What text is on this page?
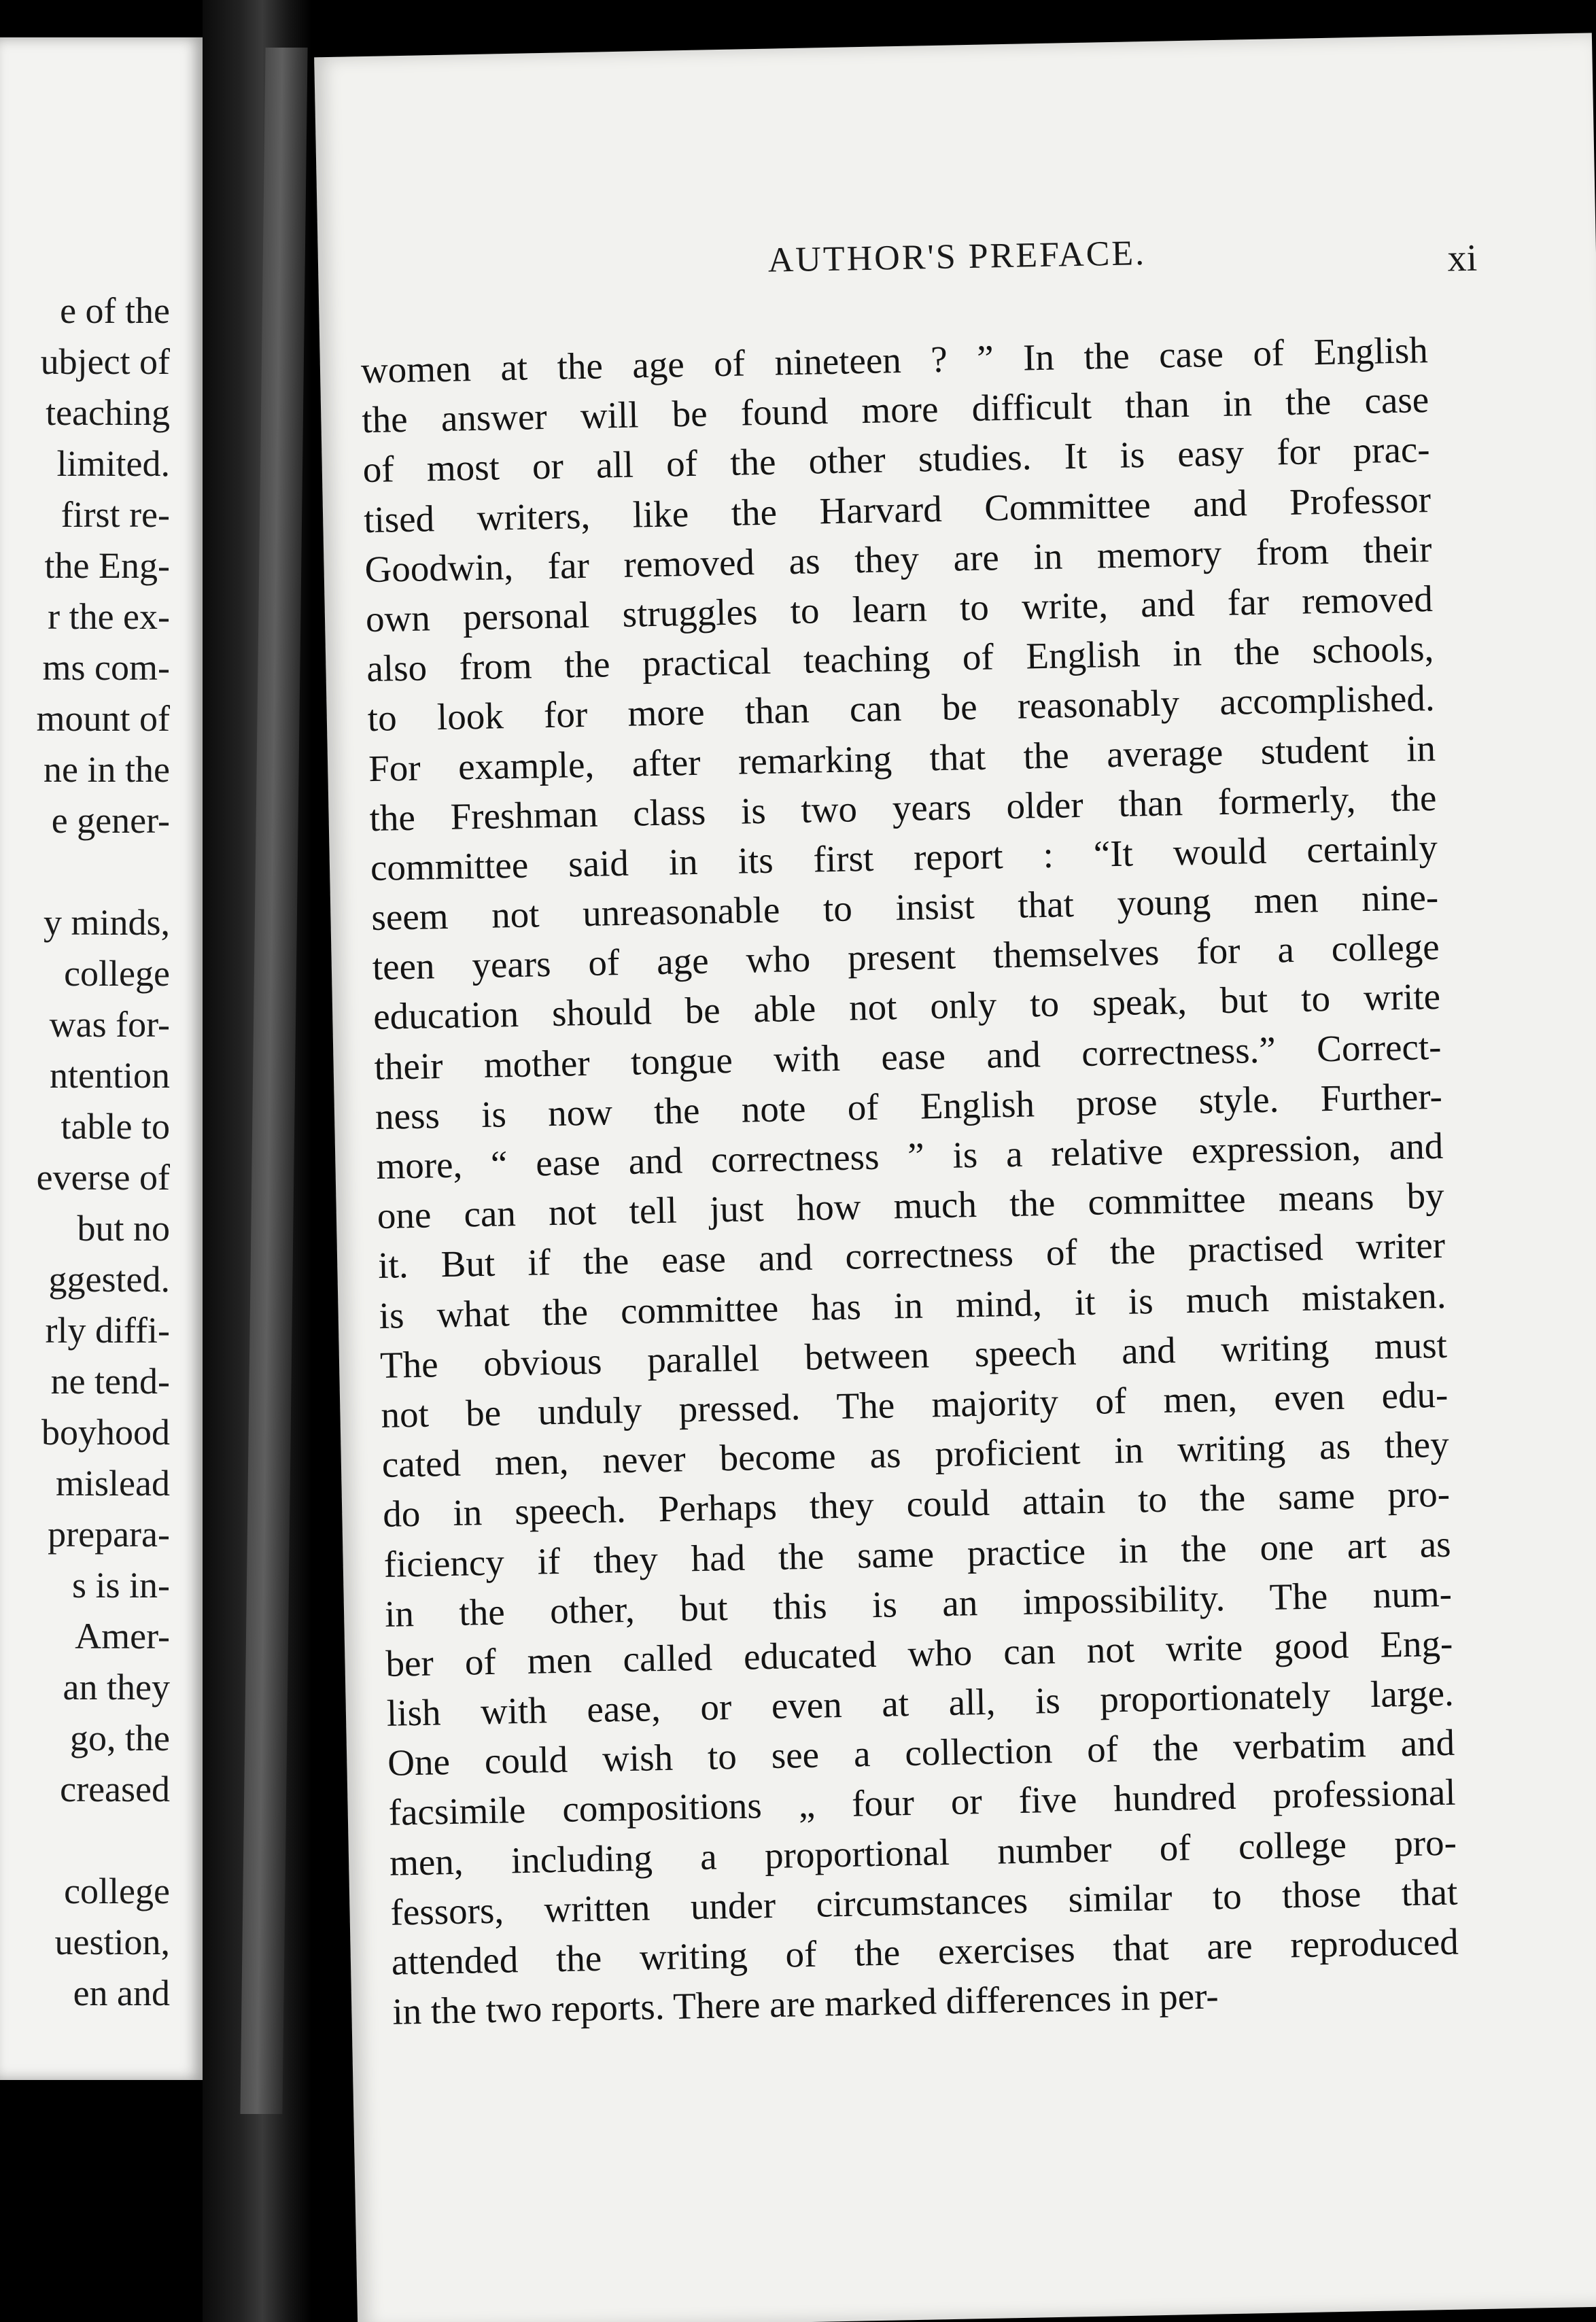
e of the
ubject of
teaching
limited.
first re-
the Eng-
r the ex-
ms com-
mount of
ne in the
e gener-
y minds,
college
was for-
ntention
table to
everse of
but no
ggested.
rly diffi-
ne tend-
boyhood
mislead
prepara-
s is in-
Amer-
an they
go, the
creased
college
uestion,
en and
AUTHOR'S PREFACE.	xi
women at the age of nineteen ? ” In the case of English
the answer will be found more difficult than in the case
of most or all of the other studies. It is easy for prac-
tised writers, like the Harvard Committee and Professor
Goodwin, far removed as they are in memory from their
own personal struggles to learn to write, and far removed
also from the practical teaching of English in the schools,
to look for more than can be reasonably accomplished.
For example, after remarking that the average student in
the Freshman class is two years older than formerly, the
committee said in its first report : “It would certainly
seem not unreasonable to insist that young men nine-
teen years of age who present themselves for a college
education should be able not only to speak, but to write
their mother tongue with ease and correctness.” Correct-
ness is now the note of English prose style. Further-
more, “ ease and correctness ” is a relative expression, and
one can not tell just how much the committee means by
it. But if the ease and correctness of the practised writer
is what the committee has in mind, it is much mistaken.
The obvious parallel between speech and writing must
not be unduly pressed. The majority of men, even edu-
cated men, never become as proficient in writing as they
do in speech. Perhaps they could attain to the same pro-
ficiency if they had the same practice in the one art as
in the other, but this is an impossibility. The num-
ber of men called educated who can not write good Eng-
lish with ease, or even at all, is proportionately large.
One could wish to see a collection of the verbatim and
facsimile compositions „ four or five hundred professional
men, including a proportional number of college pro-
fessors, written under circumstances similar to those that
attended the writing of the exercises that are reproduced
in the two reports. There are marked differences in per-
